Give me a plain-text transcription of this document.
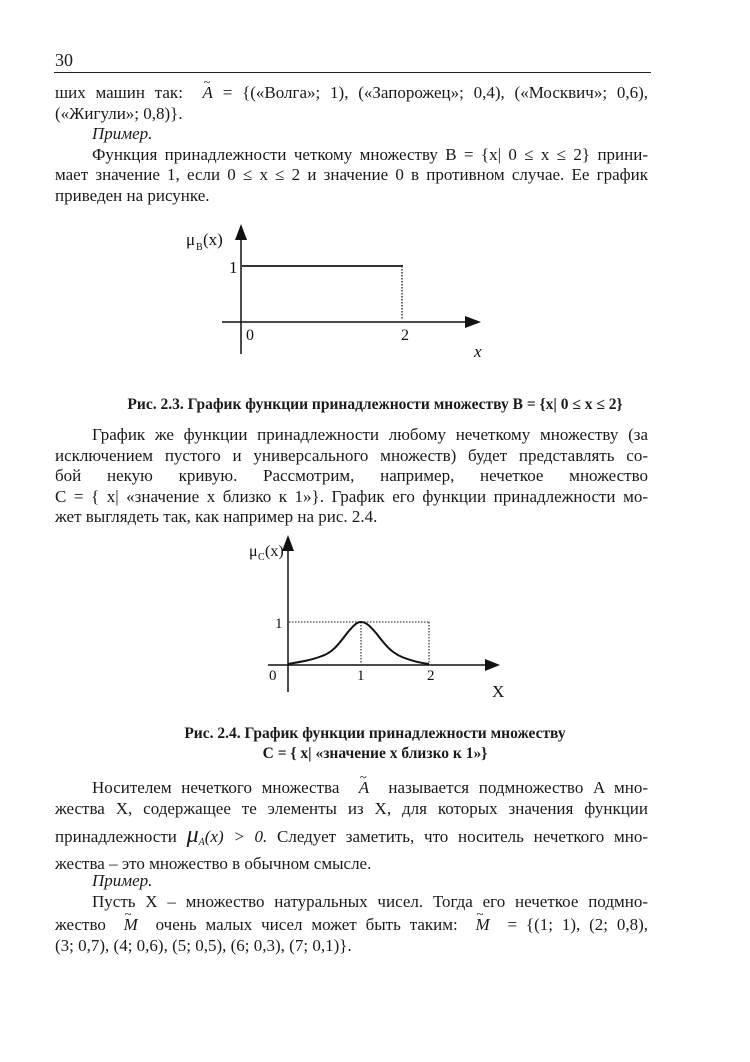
30
ших машин так: ~ A = {(«Волга»; 1), («Запорожец»; 0,4), («Москвич»; 0,6),
(«Жигули»; 0,8)}.
Пример.
Функция принадлежности четкому множеству В = {x| 0 ≤ x ≤ 2} прини-
мает значение 1, если 0 ≤ x ≤ 2 и значение 0 в противном случае. Ее график
приведен на рисунке.
μ B (x)
1
0	2
x
μ C (x)
1
0	1	2
X
Рис. 2.3. График функции принадлежности множеству B = {x| 0 ≤ x ≤ 2}
График же функции принадлежности любому нечеткому множеству (за
исключением пустого и универсального множеств) будет представлять со-
бой некую кривую. Рассмотрим, например, нечеткое множество
С = { x| «значение x близко к 1»}. График его функции принадлежности мо-
жет выглядеть так, как например на рис. 2.4.
Рис. 2.4. График функции принадлежности множеству
C = { x| «значение x близко к 1»}
Носителем нечеткого множества ~ A называется подмножество A мно-
жества X, содержащее те элементы из X, для которых значения функции
принадлежности $\mu_A(x) > 0$. Следует заметить, что носитель нечеткого мно-
жества – это множество в обычном смысле.
Пример.
Пусть X – множество натуральных чисел. Тогда его нечеткое подмно-
жество ~ M очень малых чисел может быть таким: ~ M = {(1; 1), (2; 0,8),
(3; 0,7), (4; 0,6), (5; 0,5), (6; 0,3), (7; 0,1)}.
